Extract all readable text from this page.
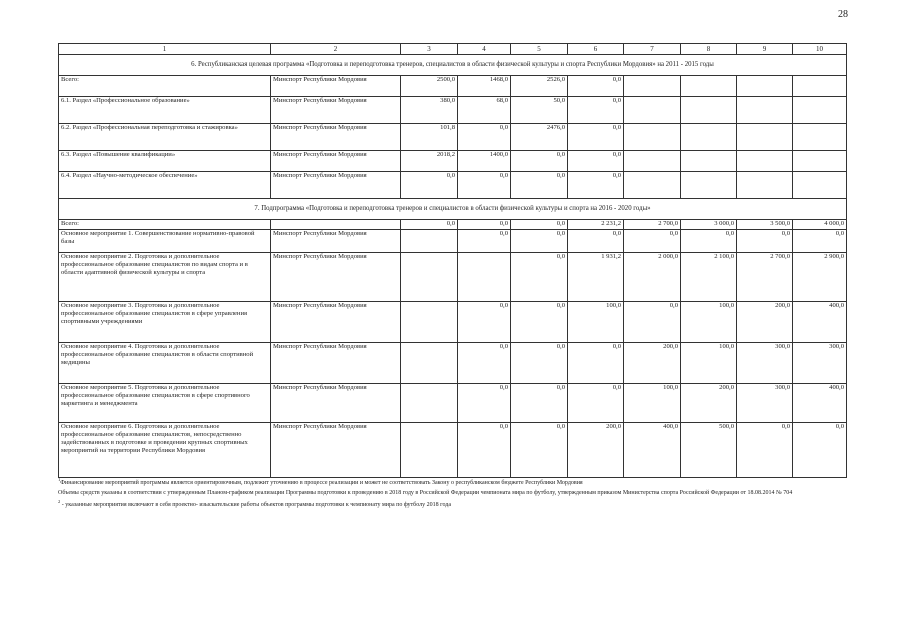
28
1	2	3	4	5	6	7	8	9	10
6. Республиканская целевая программа «Подготовка и переподготовка тренеров, специалистов в области физической культуры и спорта Республики Мордовия» на 2011 - 2015 годы									
Всего:	Минспорт Республики Мордовия	2500,0	1468,0	2526,0	0,0				
6.1. Раздел «Профессиональное образование»	Минспорт Республики Мордовия	380,0	68,0	50,0	0,0				
6.2. Раздел «Профессиональная переподготовка и стажировка»	Минспорт Республики Мордовия	101,8	0,0	2476,0	0,0				
6.3. Раздел «Повышение квалификации»	Минспорт Республики Мордовия	2018,2	1400,0	0,0	0,0				
6.4. Раздел «Научно-методическое обеспечение»	Минспорт Республики Мордовия	0,0	0,0	0,0	0,0				
7. Подпрограмма «Подготовка и переподготовка тренеров и специалистов в области физической культуры и спорта на 2016 - 2020 годы»									
Всего:		0,0	0,0	0,0	2 231,2	2 700,0	3 000,0	3 500,0	4 000,0
Основное мероприятие 1. Совершенствование нормативно-правовой базы	Минспорт Республики Мордовия		0,0	0,0	0,0	0,0	0,0	0,0	0,0
Основное мероприятие 2. Подготовка и дополнительное профессиональное образование специалистов по видам спорта и в области адаптивной физической культуры и спорта	Минспорт Республики Мордовия			0,0	1 931,2	2 000,0	2 100,0	2 700,0	2 900,0
Основное мероприятие 3. Подготовка и дополнительное профессиональное образование специалистов в сфере управления спортивными учреждениями	Минспорт Республики Мордовия		0,0	0,0	100,0	0,0	100,0	200,0	400,0
Основное мероприятие 4. Подготовка и дополнительное профессиональное образование специалистов в области спортивной медицины	Минспорт Республики Мордовия		0,0	0,0	0,0	200,0	100,0	300,0	300,0
Основное мероприятие 5. Подготовка и дополнительное профессиональное образование специалистов в сфере спортивного маркетинга и менеджмента	Минспорт Республики Мордовия		0,0	0,0	0,0	100,0	200,0	300,0	400,0
Основное мероприятие 6. Подготовка и дополнительное профессиональное образование специалистов, непосредственно задействованных в подготовке и проведении крупных спортивных мероприятий на территории Республики Мордовия	Минспорт Республики Мордовия		0,0	0,0	200,0	400,0	500,0	0,0	0,0

$^1$Финансирование мероприятий программы является ориентировочным, подлежит уточнению в процессе реализации и может не соответствовать Закону о республиканском бюджете Республики Мордовия

Объемы средств указаны в соответствии с утвержденным Планом-графиком реализации Программы подготовки к проведению в 2018 году в Российской Федерации чемпионата мира по футболу, утвержденным приказом Министерства спорта Российской Федерации от 18.08.2014 № 704

$^2$ - указанные мероприятия включают в себя проектно- изыскательские работы объектов программы подготовки к чемпионату мира по футболу 2018 года
